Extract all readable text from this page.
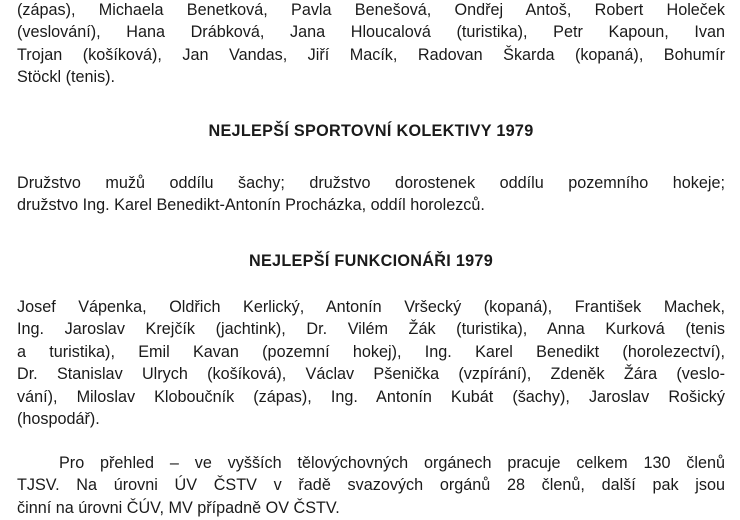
(zápas), Michaela Benetková, Pavla Benešová, Ondřej Antoš, Robert Holeček
(veslování), Hana Drábková, Jana Hloucalová (turistika), Petr Kapoun, Ivan
Trojan (košíková), Jan Vandas, Jiří Macík, Radovan Škarda (kopaná), Bohumír
Stöckl (tenis).
NEJLEPŠÍ SPORTOVNÍ KOLEKTIVY 1979
Družstvo mužů oddílu šachy; družstvo dorostenek oddílu pozemního hokeje;
družstvo Ing. Karel Benedikt-Antonín Procházka, oddíl horolezců.
NEJLEPŠÍ FUNKCIONÁŘI 1979
Josef Vápenka, Oldřich Kerlický, Antonín Vršecký (kopaná), František Machek,
Ing. Jaroslav Krejčík (jachtink), Dr. Vilém Žák (turistika), Anna Kurková (tenis
a turistika), Emil Kavan (pozemní hokej), Ing. Karel Benedikt (horolezectví),
Dr. Stanislav Ulrych (košíková), Václav Pšenička (vzpírání), Zdeněk Žára (veslo-
vání), Miloslav Kloboučník (zápas), Ing. Antonín Kubát (šachy), Jaroslav Rošický
(hospodář).
Pro přehled – ve vyšších tělovýchovných orgánech pracuje celkem 130 členů
TJSV. Na úrovni ÚV ČSTV v řadě svazových orgánů 28 členů, další pak jsou
činní na úrovni ČÚV, MV případně OV ČSTV.
